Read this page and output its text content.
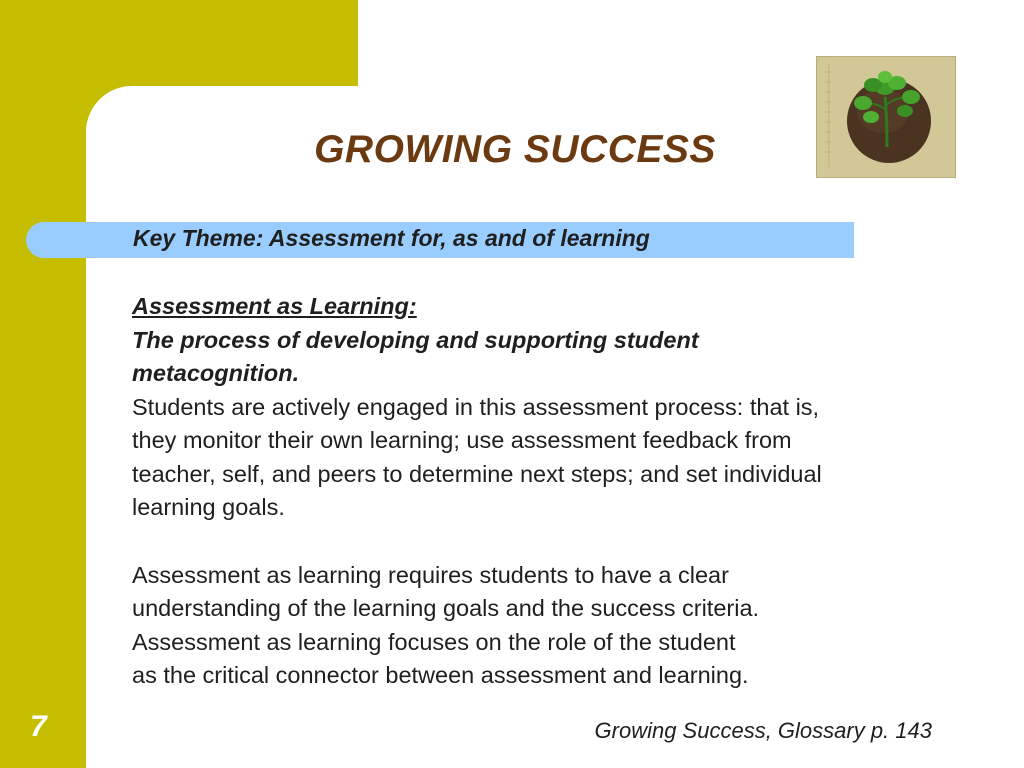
GROWING SUCCESS
Key Theme: Assessment for, as and of learning
Assessment as Learning:
The process of developing and supporting student
metacognition.
Students are actively engaged in this assessment process: that is,
they monitor their own learning; use assessment feedback from
teacher, self, and peers to determine next steps; and set individual
learning goals.
Assessment as learning requires students to have a clear
understanding of the learning goals and the success criteria.
Assessment as learning focuses on the role of the student
as the critical connector between assessment and learning.
7	Growing Success, Glossary p. 143
